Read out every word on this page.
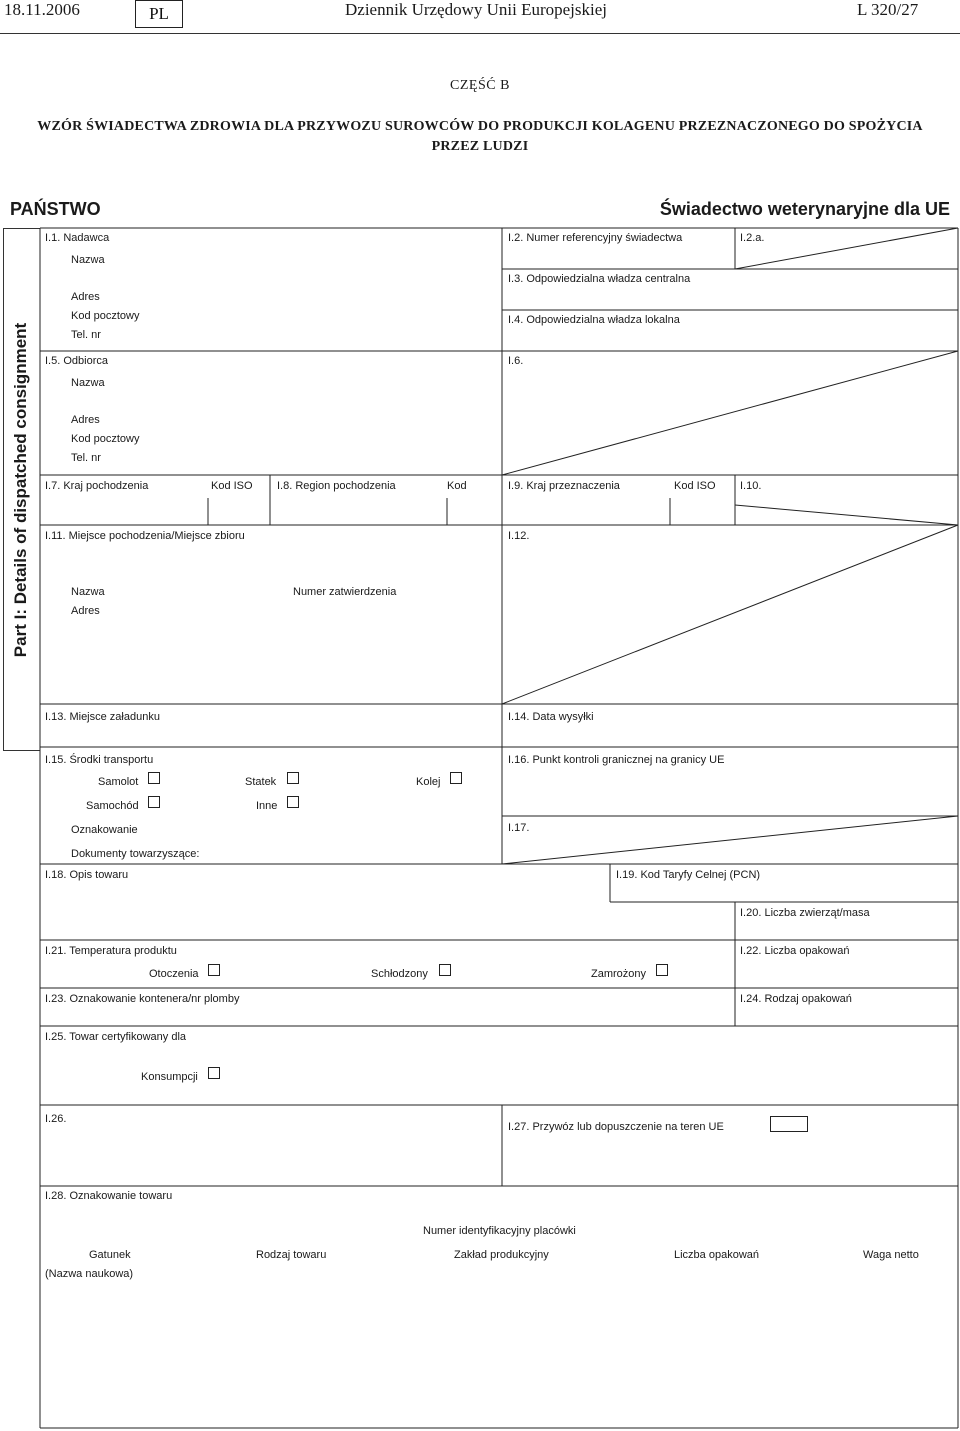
18.11.2006	PL	Dziennik Urzędowy Unii Europejskiej	L 320/27
CZĘŚĆ B
WZÓR ŚWIADECTWA ZDROWIA DLA PRZYWOZU SUROWCÓW DO PRODUKCJI KOLAGENU PRZEZNACZONEGO DO SPOŻYCIA
PRZEZ LUDZI
PAŃSTWO	Świadectwo weterynaryjne dla UE
Part I: Details of dispatched consignment
I.1. Nadawca
Nazwa
Adres
Kod pocztowy
Tel. nr
I.2. Numer referencyjny świadectwa	I.2.a.
I.3. Odpowiedzialna władza centralna
I.4. Odpowiedzialna władza lokalna
I.5. Odbiorca
Nazwa
Adres
Kod pocztowy
Tel. nr
I.6.
I.7. Kraj pochodzenia	Kod ISO I.8. Region pochodzenia	Kod	I.9. Kraj przeznaczenia	Kod ISO I.10.
I.11. Miejsce pochodzenia/Miejsce zbioru
Nazwa
Adres
Numer zatwierdzenia
I.12.
I.13. Miejsce załadunku	I.14. Data wysyłki
I.15. Środki transportu
Samolot	Statek	Kolej
Samochód	Inne
Oznakowanie
Dokumenty towarzyszące:
I.16. Punkt kontroli granicznej na granicy UE
I.17.
I.18. Opis towaru	I.19. Kod Taryfy Celnej (PCN)
I.20. Liczba zwierząt/masa
I.21. Temperatura produktu
Otoczenia	Schłodzony	Zamrożony
I.22. Liczba opakowań
I.23. Oznakowanie kontenera/nr plomby	I.24. Rodzaj opakowań
I.25. Towar certyfikowany dla
Konsumpcji
I.26.
I.27. Przywóz lub dopuszczenie na teren UE
I.28. Oznakowanie towaru
Numer identyfikacyjny placówki
Gatunek
(Nazwa naukowa)
Rodzaj towaru	Zakład produkcyjny	Liczba opakowań	Waga netto
